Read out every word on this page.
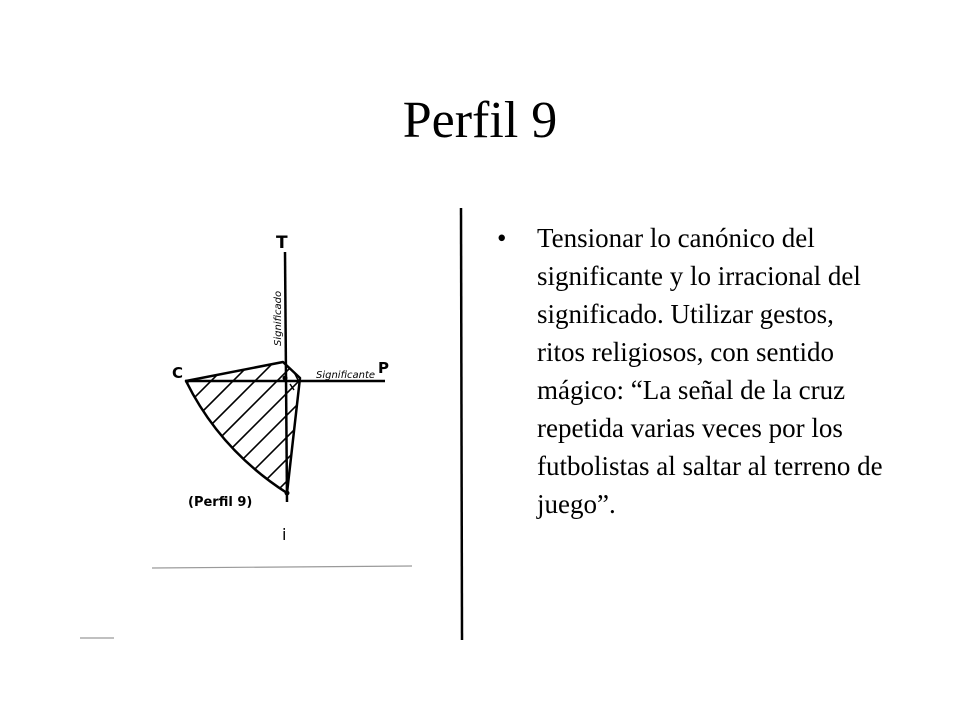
Perfil 9
T
C	P
i
Significado
Significante
(Perfil 9)
• Tensionar lo canónico del significante y lo irracional del significado. Utilizar gestos, ritos religiosos, con sentido mágico: “La señal de la cruz repetida varias veces por los futbolistas al saltar al terreno de juego”.
